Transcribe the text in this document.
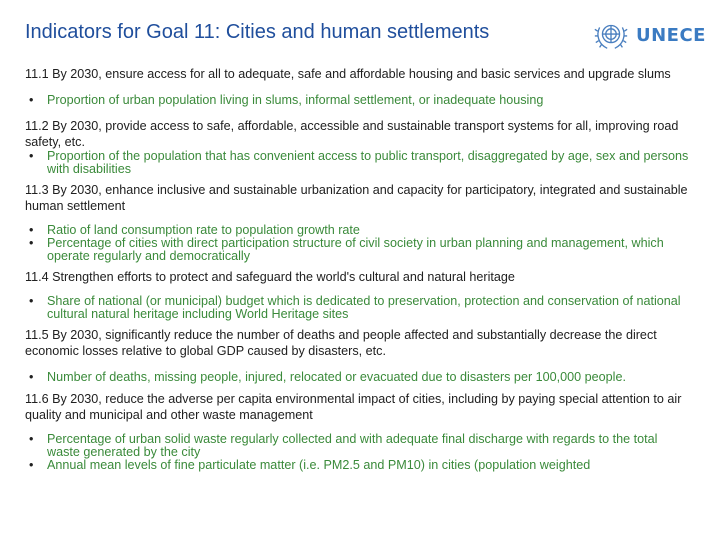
Indicators for Goal 11: Cities and human settlements	UNECE

11.1 By 2030, ensure access for all to adequate, safe and affordable housing and basic services and upgrade slums

• Proportion of urban population living in slums, informal settlement, or inadequate housing

11.2 By 2030, provide access to safe, affordable, accessible and sustainable transport systems for all, improving road safety, etc.

• Proportion of the population that has convenient access to public transport, disaggregated by age, sex and persons with disabilities

11.3 By 2030, enhance inclusive and sustainable urbanization and capacity for participatory, integrated and sustainable human settlement

• Ratio of land consumption rate to population growth rate
• Percentage of cities with direct participation structure of civil society in urban planning and management, which operate regularly and democratically

11.4 Strengthen efforts to protect and safeguard the world's cultural and natural heritage

• Share of national (or municipal) budget which is dedicated to preservation, protection and conservation of national cultural natural heritage including World Heritage sites

11.5 By 2030, significantly reduce the number of deaths and people affected and substantially decrease the direct economic losses relative to global GDP caused by disasters, etc.

• Number of deaths, missing people, injured, relocated or evacuated due to disasters per 100,000 people.

11.6 By 2030, reduce the adverse per capita environmental impact of cities, including by paying special attention to air quality and municipal and other waste management

• Percentage of urban solid waste regularly collected and with adequate final discharge with regards to the total waste generated by the city
• Annual mean levels of fine particulate matter (i.e. PM2.5 and PM10) in cities (population weighted
